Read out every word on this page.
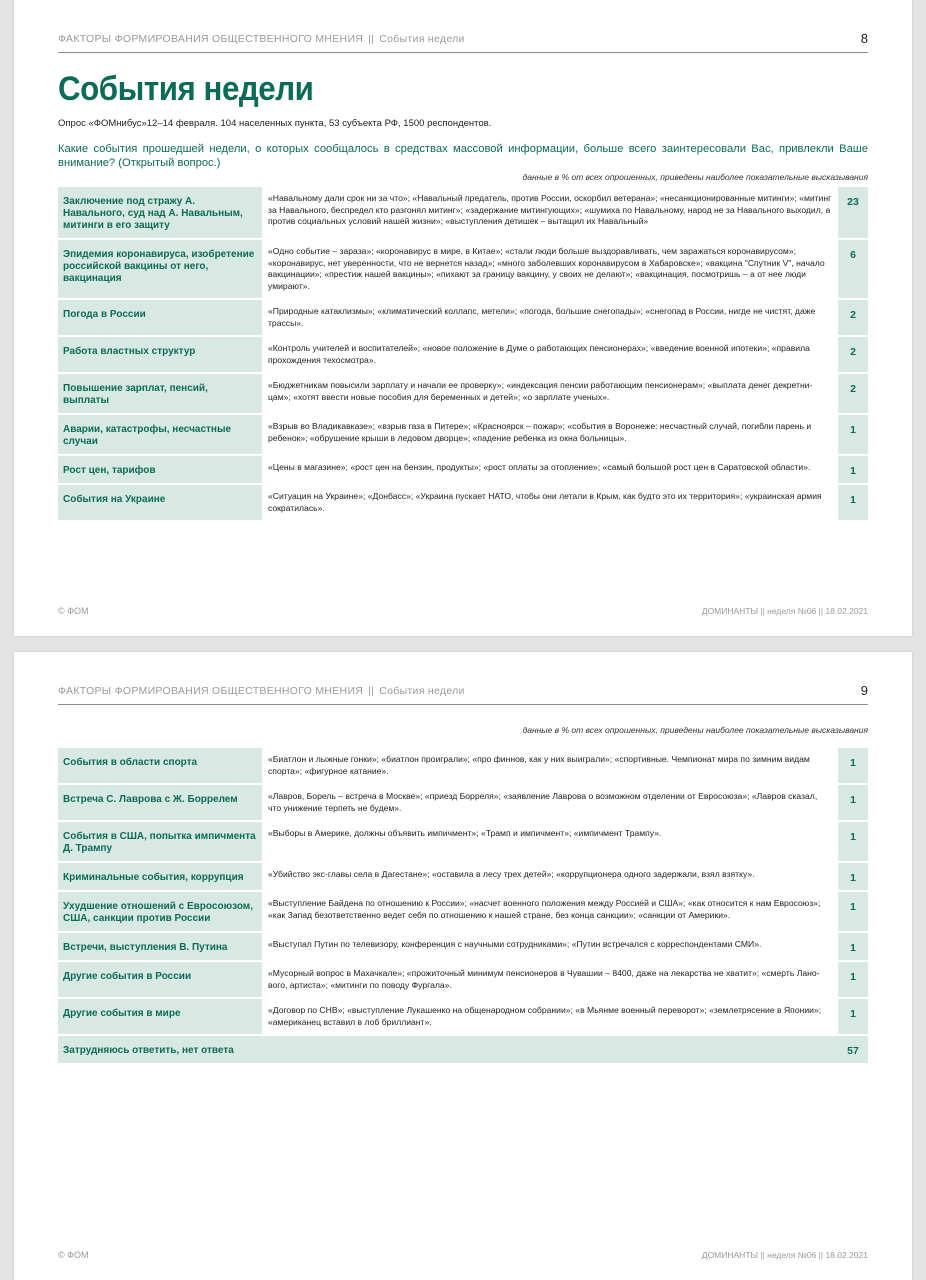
ФАКТОРЫ ФОРМИРОВАНИЯ ОБЩЕСТВЕННОГО МНЕНИЯ || События недели	8
События недели
Опрос «ФОМнибус»12–14 февраля. 104 населенных пункта, 53 субъекта РФ, 1500 респондентов.
Какие события прошедшей недели, о которых сообщалось в средствах массовой информации, больше всего заинтересовали Вас, привлекли Ваше внимание? (Открытый вопрос.)
данные в % от всех опрошенных, приведены наиболее показательные высказывания
Заключение под стражу А. Навального, суд над А. Навальным, митинги в его защиту	«Навальному дали срок ни за что»; «Навальный предатель, против России, оскорбил ветерана»; «несанкционированные митинги»; «митинг за Навального, беспредел кто разгонял митинг»; «задержание митингующих»; «шумиха по Навальному, народ не за Навального выходил, а против социальных условий нашей жизни»; «выступления детишек – вытащил их Навальный»	23
Эпидемия коронавируса, изобретение российской вакцины от него, вакцинация	«Одно событие – зараза»; «коронавирус в мире, в Китае»; «стали люди больше выздоравливать, чем заражаться коронавирусом»; «коронавирус, нет уверенности, что не вернется назад»; «много заболевших коронавирусом в Хабаровске»; «вакцина "Спутник V", начало вакцинации»; «престиж нашей вакцины»; «пихают за границу вакцину, у своих не делают»; «вакцинация, посмотришь – а от нее люди умирают».	6
Погода в России	«Природные катаклизмы»; «климатический коллапс, метели»; «погода, большие снегопады»; «снегопад в России, нигде не чистят, даже трассы».	2
Работа властных структур	«Контроль учителей и воспитателей»; «новое положение в Думе о работающих пенсионерах»; «введение военной ипотеки»; «правила прохождения техосмотра».	2
Повышение зарплат, пенсий, выплаты	«Бюджетникам повысили зарплату и начали ее проверку»; «индексация пенсии работающим пенсионерам»; «выплата денег декретни-цам»; «хотят ввести новые пособия для беременных и детей»; «о зарплате ученых».	2
Аварии, катастрофы, несчастные случаи	«Взрыв во Владикавказе»; «взрыв газа в Питере»; «Красноярск – пожар»; «события в Воронеже: несчастный случай, погибли парень и ребенок»; «обрушение крыши в ледовом дворце»; «падение ребенка из окна больницы».	1
Рост цен, тарифов	«Цены в магазине»; «рост цен на бензин, продукты»; «рост оплаты за отопление»; «самый большой рост цен в Саратовской области».	1
События на Украине	«Ситуация на Украине»; «Донбасс»; «Украина пускает НАТО, чтобы они летали в Крым, как будто это их территория»; «украинская армия сократилась».	1
© ФОМ	ДОМИНАНТЫ || неделя №06 || 18.02.2021
ФАКТОРЫ ФОРМИРОВАНИЯ ОБЩЕСТВЕННОГО МНЕНИЯ || События недели	9
данные в % от всех опрошенных, приведены наиболее показательные высказывания
События в области спорта	«Биатлон и лыжные гонки»; «биатлон проиграли»; «про финнов, как у них выиграли»; «спортивные. Чемпионат мира по зимним видам спорта»; «фигурное катание».	1
Встреча С. Лаврова с Ж. Боррелем	«Лавров, Борель – встреча в Москве»; «приезд Борреля»; «заявление Лаврова о возможном отделении от Евросоюза»; «Лавров сказал, что унижение терпеть не будем».	1
События в США, попытка импичмента Д. Трампу	«Выборы в Америке, должны объявить импичмент»; «Трамп и импичмент»; «импичмент Трампу».	1
Криминальные события, коррупция	«Убийство экс-главы села в Дагестане»; «оставила в лесу трех детей»; «коррупционера одного задержали, взял взятку».	1
Ухудшение отношений с Евросоюзом, США, санкции против России	«Выступление Байдена по отношению к России»; «насчет военного положения между Россией и США»; «как относится к нам Евросоюз»; «как Запад безответственно ведет себя по отношению к нашей стране, без конца санкции»; «санкции от Америки».	1
Встречи, выступления В. Путина	«Выступал Путин по телевизору, конференция с научными сотрудниками»; «Путин встречался с корреспондентами СМИ».	1
Другие события в России	«Мусорный вопрос в Махачкале»; «прожиточный минимум пенсионеров в Чувашии – 8400, даже на лекарства не хватит»; «смерть Лано-вого, артиста»; «митинги по поводу Фургала».	1
Другие события в мире	«Договор по СНВ»; «выступление Лукашенко на общенародном собрании»; «в Мьянме военный переворот»; «землетрясение в Японии»; «американец вставил в лоб бриллиант».	1
Затрудняюсь ответить, нет ответа		57
© ФОМ	ДОМИНАНТЫ || неделя №06 || 18.02.2021
